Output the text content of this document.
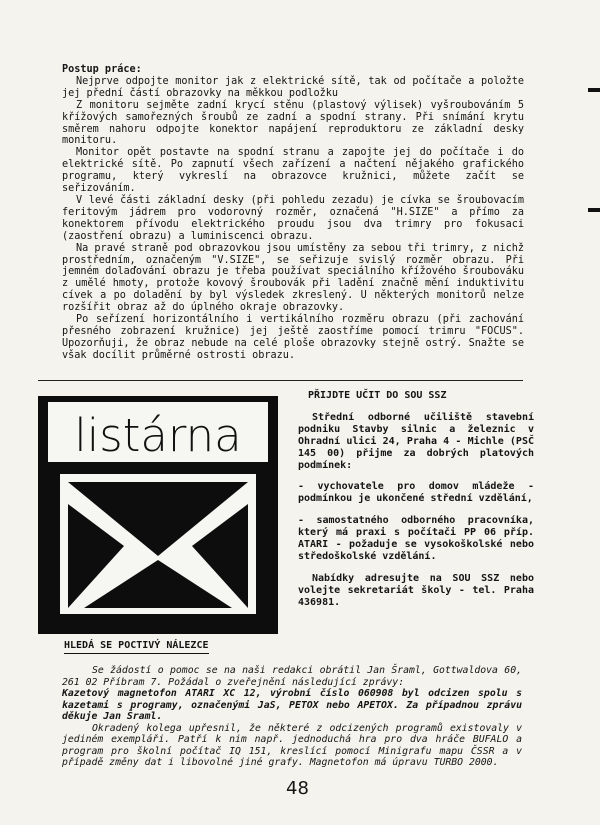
Postup práce:

Nejprve odpojte monitor jak z elektrické sítě, tak od počítače a položte jej přední částí obrazovky na měkkou podložku

Z monitoru sejměte zadní krycí stěnu (plastový výlisek) vyšroubováním 5 křížových samořezných šroubů ze zadní a spodní strany. Při snímání krytu směrem nahoru odpojte konektor napájení reproduktoru ze základní desky monitoru.

Monitor opět postavte na spodní stranu a zapojte jej do počítače i do elektrické sítě. Po zapnutí všech zařízení a načtení nějakého grafického programu, který vykreslí na obrazovce kružnici, můžete začít se seřizováním.

V levé části základní desky (při pohledu zezadu) je cívka se šroubovacím feritovým jádrem pro vodorovný rozměr, označená "H.SIZE" a přímo za konektorem přívodu elektrického proudu jsou dva trimry pro fokusaci (zaostření obrazu) a luminiscenci obrazu.

Na pravé straně pod obrazovkou jsou umístěny za sebou tři trimry, z nichž prostředním, označeným "V.SIZE", se seřizuje svislý rozměr obrazu. Při jemném dolaďování obrazu je třeba používat speciálního křížového šroubováku z umělé hmoty, protože kovový šroubovák při ladění značně mění induktivitu cívek a po doladění by byl výsledek zkreslený. U některých monitorů nelze rozšířit obraz až do úplného okraje obrazovky.

Po seřízení horizontálního i vertikálního rozměru obrazu (při zachování přesného zobrazení kružnice) jej ještě zaostříme pomocí trimru "FOCUS". Upozorňuji, že obraz nebude na celé ploše obrazovky stejně ostrý. Snažte se však docílit průměrné ostrosti obrazu.

listárna
PŘIJDTE UČIT DO SOU SSZ

Střední odborné učiliště stavební podniku Stavby silnic a železnic v Ohradní ulici 24, Praha 4 - Michle (PSČ 145 00) přijme za dobrých platových podmínek:

- vychovatele pro domov mládeže - podmínkou je ukončené střední vzdělání,

- samostatného odborného pracovníka, který má praxi s počítači PP 06 příp. ATARI - požaduje se vysokoškolské nebo středoškolské vzdělání.

Nabídky adresujte na SOU SSZ nebo volejte sekretariát školy - tel. Praha 436981.

HLEDÁ SE POCTIVÝ NÁLEZCE

Se žádostí o pomoc se na naši redakci obrátil Jan Šraml, Gottwaldova 60, 261 02 Příbram 7. Požádal o zveřejnění následující zprávy:

Kazetový magnetofon ATARI XC 12, výrobní číslo 060908 byl odcizen spolu s kazetami s programy, označenými JaS, PETOX nebo APETOX. Za případnou zprávu děkuje Jan Šraml.

Okradený kolega upřesnil, že některé z odcizených programů existovaly v jediném exempláři. Patří k nim např. jednoduchá hra pro dva hráče BUFALO a program pro školní počítač IQ 151, kreslící pomocí Minigrafu mapu ČSSR a v případě změny dat i libovolné jiné grafy. Magnetofon má úpravu TURBO 2000.

48
